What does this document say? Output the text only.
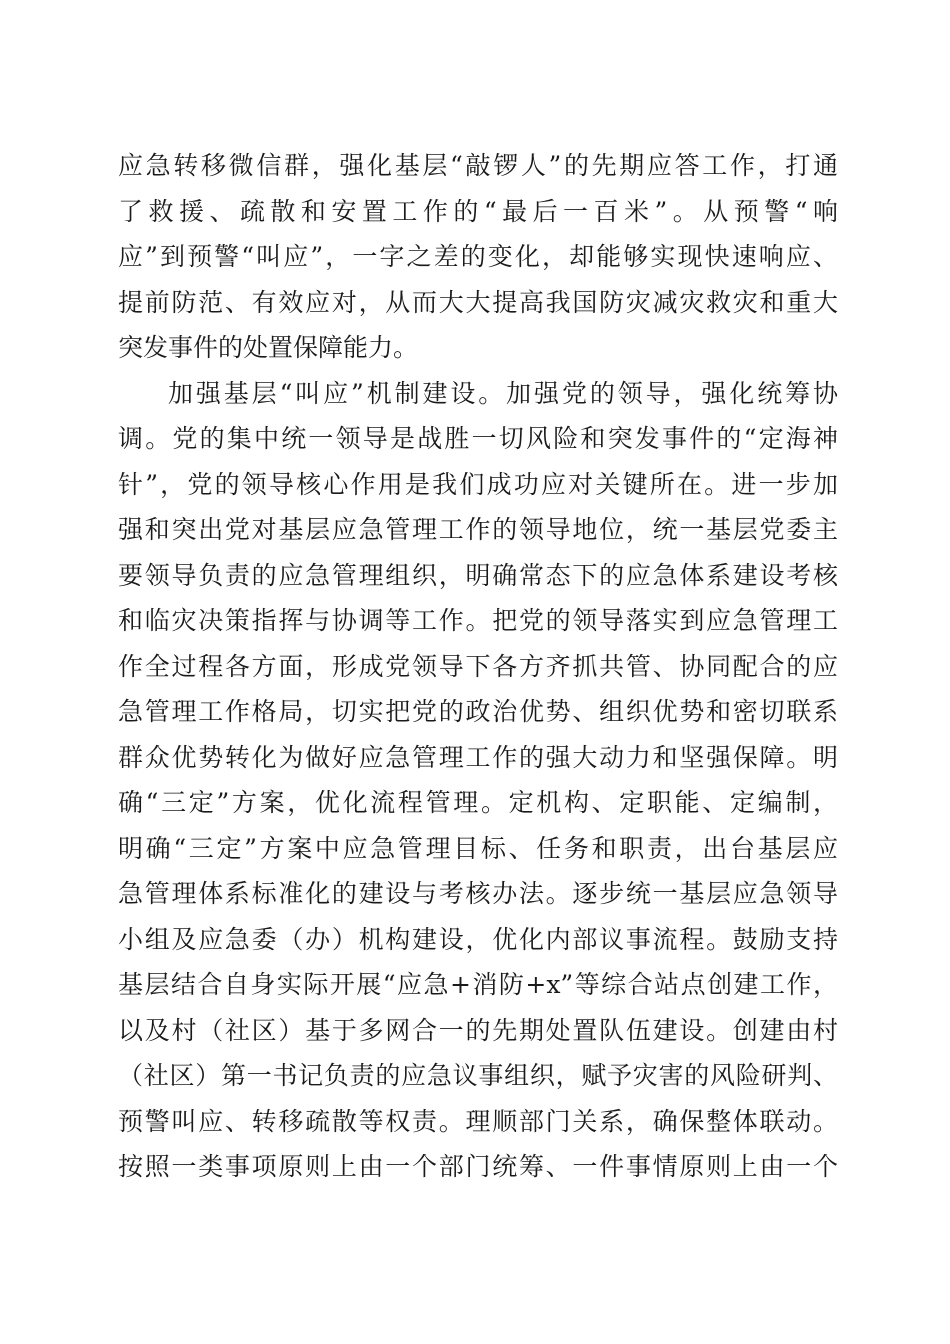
应急转移微信群，强化基层“敲锣人”的先期应答工作，打通
了救援、疏散和安置工作的“最后一百米”。从预警“响
应”到预警“叫应”，一字之差的变化，却能够实现快速响应、
提前防范、有效应对，从而大大提高我国防灾减灾救灾和重大
突发事件的处置保障能力。
加强基层“叫应”机制建设。加强党的领导，强化统筹协
调。党的集中统一领导是战胜一切风险和突发事件的“定海神
针”，党的领导核心作用是我们成功应对关键所在。进一步加
强和突出党对基层应急管理工作的领导地位，统一基层党委主
要领导负责的应急管理组织，明确常态下的应急体系建设考核
和临灾决策指挥与协调等工作。把党的领导落实到应急管理工
作全过程各方面，形成党领导下各方齐抓共管、协同配合的应
急管理工作格局，切实把党的政治优势、组织优势和密切联系
群众优势转化为做好应急管理工作的强大动力和坚强保障。明
确“三定”方案，优化流程管理。定机构、定职能、定编制，
明确“三定”方案中应急管理目标、任务和职责，出台基层应
急管理体系标准化的建设与考核办法。逐步统一基层应急领导
小组及应急委（办）机构建设，优化内部议事流程。鼓励支持
基层结合自身实际开展“应急+消防+x”等综合站点创建工作，
以及村（社区）基于多网合一的先期处置队伍建设。创建由村
（社区）第一书记负责的应急议事组织，赋予灾害的风险研判、
预警叫应、转移疏散等权责。理顺部门关系，确保整体联动。
按照一类事项原则上由一个部门统筹、一件事情原则上由一个
